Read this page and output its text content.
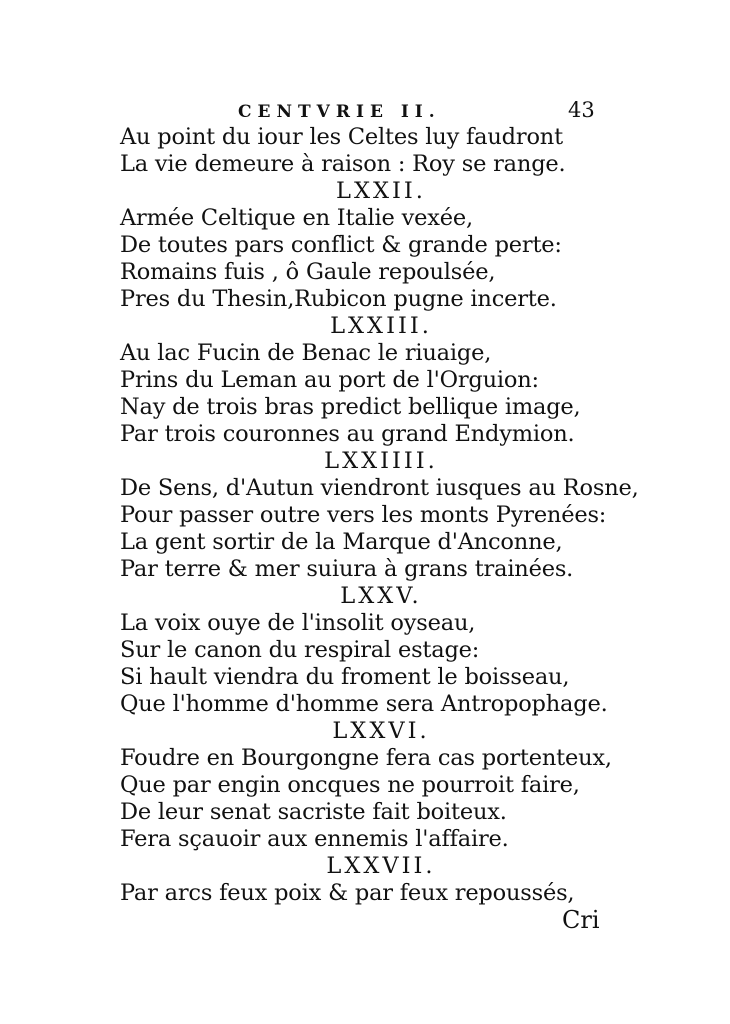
CENTVRIE II.	43
Au point du iour les Celtes luy faudront
La vie demeure à raison : Roy se range.
LXXII.
Armée Celtique en Italie vexée,
De toutes pars conflict & grande perte:
Romains fuis , ô Gaule repoulsée,
Pres du Thesin,Rubicon pugne incerte.
LXXIII.
Au lac Fucin de Benac le riuaige,
Prins du Leman au port de l'Orguion:
Nay de trois bras predict bellique image,
Par trois couronnes au grand Endymion.
LXXIIII.
De Sens, d'Autun viendront iusques au Rosne,
Pour passer outre vers les monts Pyrenées:
La gent sortir de la Marque d'Anconne,
Par terre & mer suiura à grans trainées.
LXXV.
La voix ouye de l'insolit oyseau,
Sur le canon du respiral estage:
Si hault viendra du froment le boisseau,
Que l'homme d'homme sera Antropophage.
LXXVI.
Foudre en Bourgongne fera cas portenteux,
Que par engin oncques ne pourroit faire,
De leur senat sacriste fait boiteux.
Fera sçauoir aux ennemis l'affaire.
LXXVII.
Par arcs feux poix & par feux repoussés,
Cri
